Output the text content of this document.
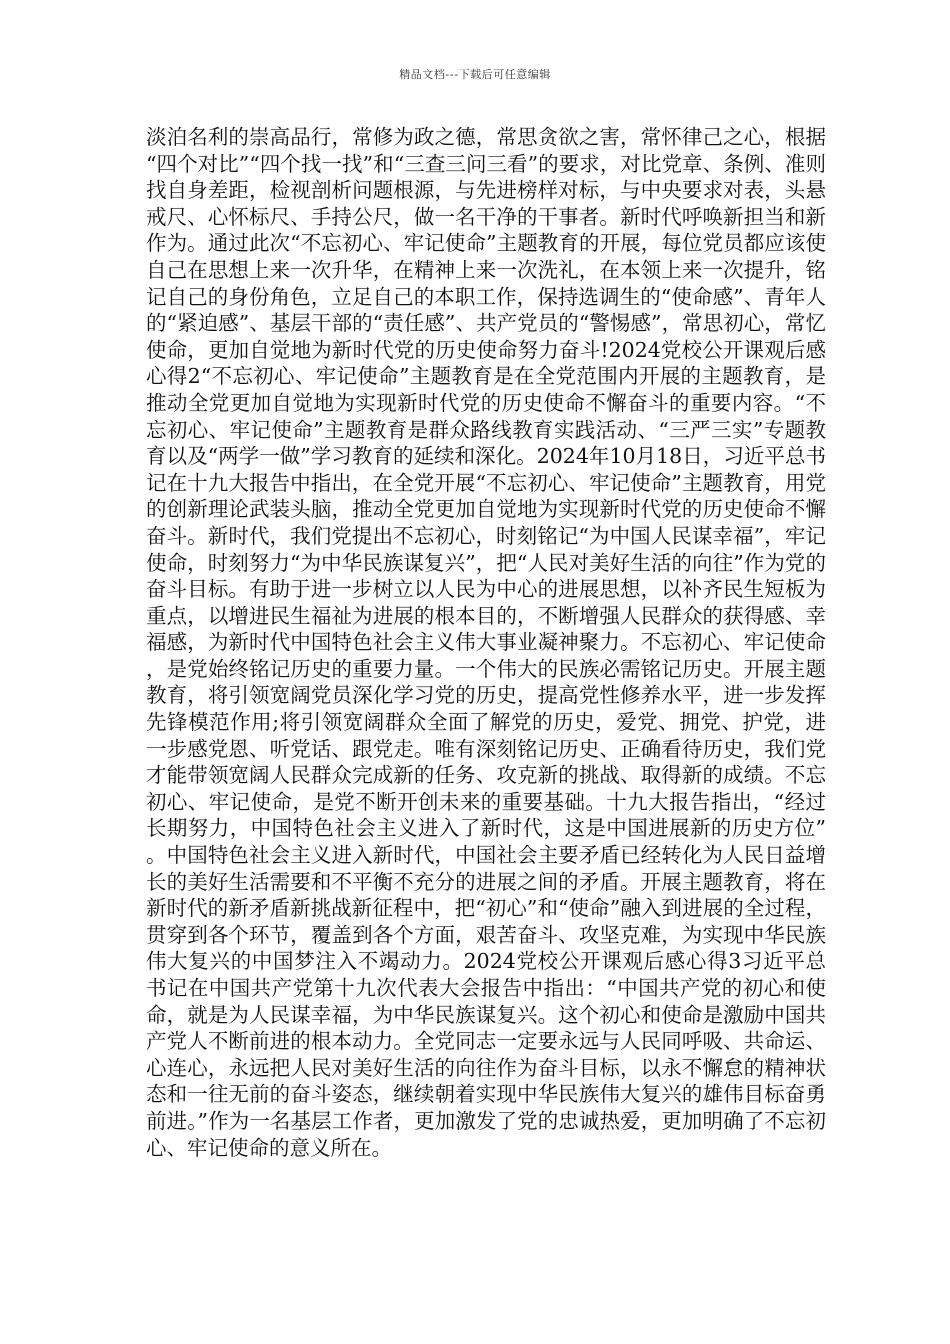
精品文档---下载后可任意编辑
淡泊名利的崇高品行，常修为政之德，常思贪欲之害，常怀律己之心，根据“四个对比”“四个找一找”和“三查三问三看”的要求，对比党章、条例、准则找自身差距，检视剖析问题根源，与先进榜样对标，与中央要求对表，头悬戒尺、心怀标尺、手持公尺，做一名干净的干事者。新时代呼唤新担当和新作为。通过此次“不忘初心、牢记使命”主题教育的开展，每位党员都应该使自己在思想上来一次升华，在精神上来一次洗礼，在本领上来一次提升，铭记自己的身份角色，立足自己的本职工作，保持选调生的“使命感”、青年人的“紧迫感”、基层干部的“责任感”、共产党员的“警惕感”，常思初心，常忆使命，更加自觉地为新时代党的历史使命努力奋斗!2024党校公开课观后感心得2“不忘初心、牢记使命”主题教育是在全党范围内开展的主题教育，是推动全党更加自觉地为实现新时代党的历史使命不懈奋斗的重要内容。“不忘初心、牢记使命”主题教育是群众路线教育实践活动、“三严三实”专题教育以及“两学一做”学习教育的延续和深化。2024年10月18日，习近平总书记在十九大报告中指出，在全党开展“不忘初心、牢记使命”主题教育，用党的创新理论武装头脑，推动全党更加自觉地为实现新时代党的历史使命不懈奋斗。新时代，我们党提出不忘初心，时刻铭记“为中国人民谋幸福”，牢记使命，时刻努力“为中华民族谋复兴”，把“人民对美好生活的向往”作为党的奋斗目标。有助于进一步树立以人民为中心的进展思想，以补齐民生短板为重点，以增进民生福祉为进展的根本目的，不断增强人民群众的获得感、幸福感，为新时代中国特色社会主义伟大事业凝神聚力。不忘初心、牢记使命，是党始终铭记历史的重要力量。一个伟大的民族必需铭记历史。开展主题教育，将引领宽阔党员深化学习党的历史，提高党性修养水平，进一步发挥先锋模范作用;将引领宽阔群众全面了解党的历史，爱党、拥党、护党，进一步感党恩、听党话、跟党走。唯有深刻铭记历史、正确看待历史，我们党才能带领宽阔人民群众完成新的任务、攻克新的挑战、取得新的成绩。不忘初心、牢记使命，是党不断开创未来的重要基础。十九大报告指出，“经过长期努力，中国特色社会主义进入了新时代，这是中国进展新的历史方位”。中国特色社会主义进入新时代，中国社会主要矛盾已经转化为人民日益增长的美好生活需要和不平衡不充分的进展之间的矛盾。开展主题教育，将在新时代的新矛盾新挑战新征程中，把“初心”和“使命”融入到进展的全过程，贯穿到各个环节，覆盖到各个方面，艰苦奋斗、攻坚克难，为实现中华民族伟大复兴的中国梦注入不竭动力。2024党校公开课观后感心得3习近平总书记在中国共产党第十九次代表大会报告中指出：“中国共产党的初心和使命，就是为人民谋幸福，为中华民族谋复兴。这个初心和使命是激励中国共产党人不断前进的根本动力。全党同志一定要永远与人民同呼吸、共命运、心连心，永远把人民对美好生活的向往作为奋斗目标，以永不懈怠的精神状态和一往无前的奋斗姿态，继续朝着实现中华民族伟大复兴的雄伟目标奋勇前进。”作为一名基层工作者，更加激发了党的忠诚热爱，更加明确了不忘初心、牢记使命的意义所在。
